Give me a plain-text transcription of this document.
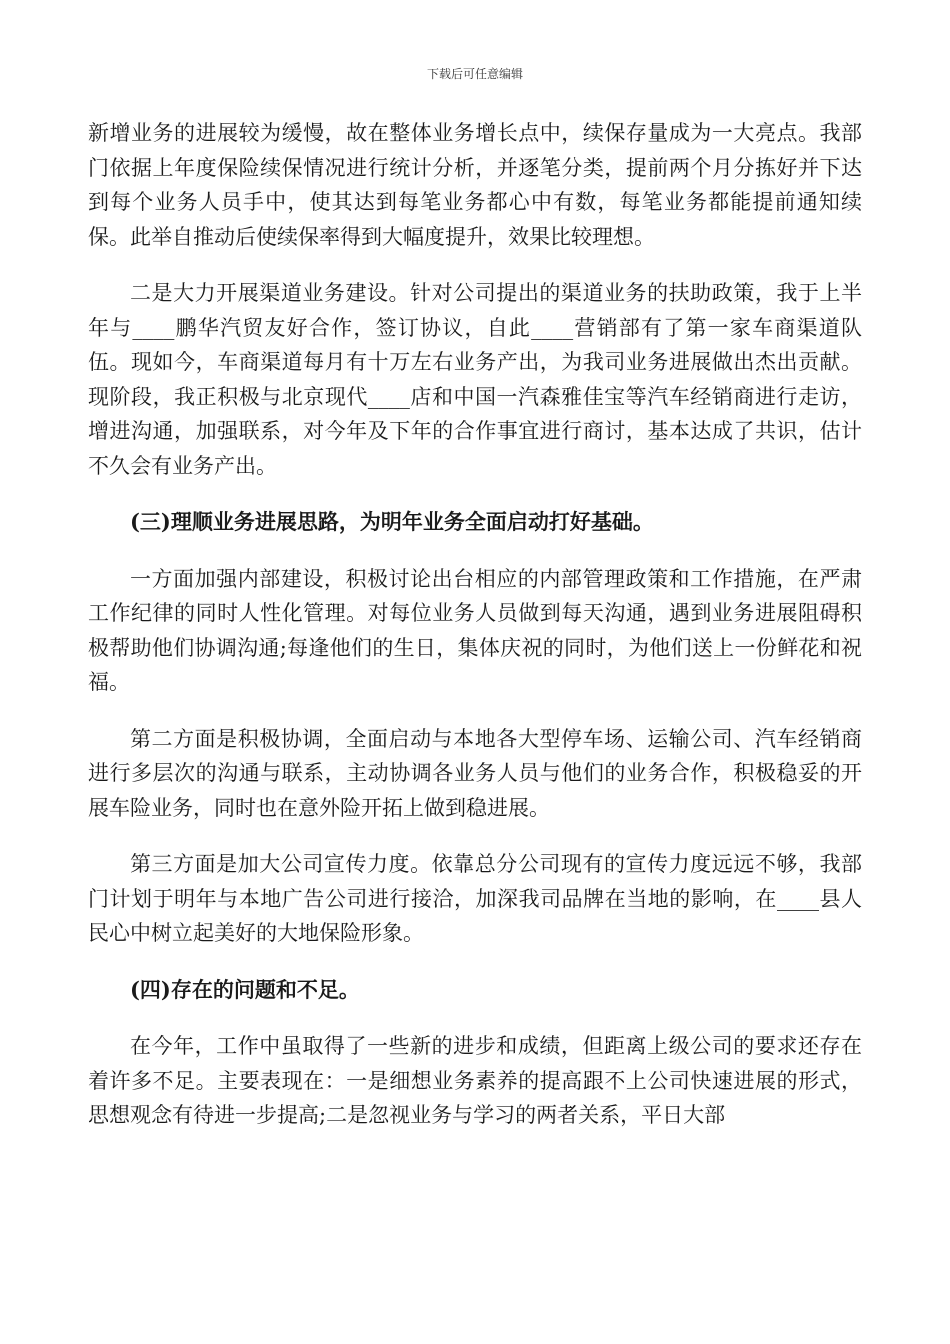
下载后可任意编辑

新增业务的进展较为缓慢，故在整体业务增长点中，续保存量成为一大亮点。我部门依据上年度保险续保情况进行统计分析，并逐笔分类，提前两个月分拣好并下达到每个业务人员手中，使其达到每笔业务都心中有数，每笔业务都能提前通知续保。此举自推动后使续保率得到大幅度提升，效果比较理想。

二是大力开展渠道业务建设。针对公司提出的渠道业务的扶助政策，我于上半年与____鹏华汽贸友好合作，签订协议，自此____营销部有了第一家车商渠道队伍。现如今，车商渠道每月有十万左右业务产出，为我司业务进展做出杰出贡献。现阶段，我正积极与北京现代____店和中国一汽森雅佳宝等汽车经销商进行走访，增进沟通，加强联系，对今年及下年的合作事宜进行商讨，基本达成了共识，估计不久会有业务产出。

(三)理顺业务进展思路，为明年业务全面启动打好基础。

一方面加强内部建设，积极讨论出台相应的内部管理政策和工作措施，在严肃工作纪律的同时人性化管理。对每位业务人员做到每天沟通，遇到业务进展阻碍积极帮助他们协调沟通;每逢他们的生日，集体庆祝的同时，为他们送上一份鲜花和祝福。

第二方面是积极协调，全面启动与本地各大型停车场、运输公司、汽车经销商进行多层次的沟通与联系，主动协调各业务人员与他们的业务合作，积极稳妥的开展车险业务，同时也在意外险开拓上做到稳进展。

第三方面是加大公司宣传力度。依靠总分公司现有的宣传力度远远不够，我部门计划于明年与本地广告公司进行接洽，加深我司品牌在当地的影响，在____县人民心中树立起美好的大地保险形象。

(四)存在的问题和不足。

在今年，工作中虽取得了一些新的进步和成绩，但距离上级公司的要求还存在着许多不足。主要表现在：一是细想业务素养的提高跟不上公司快速进展的形式，思想观念有待进一步提高;二是忽视业务与学习的两者关系，平日大部
